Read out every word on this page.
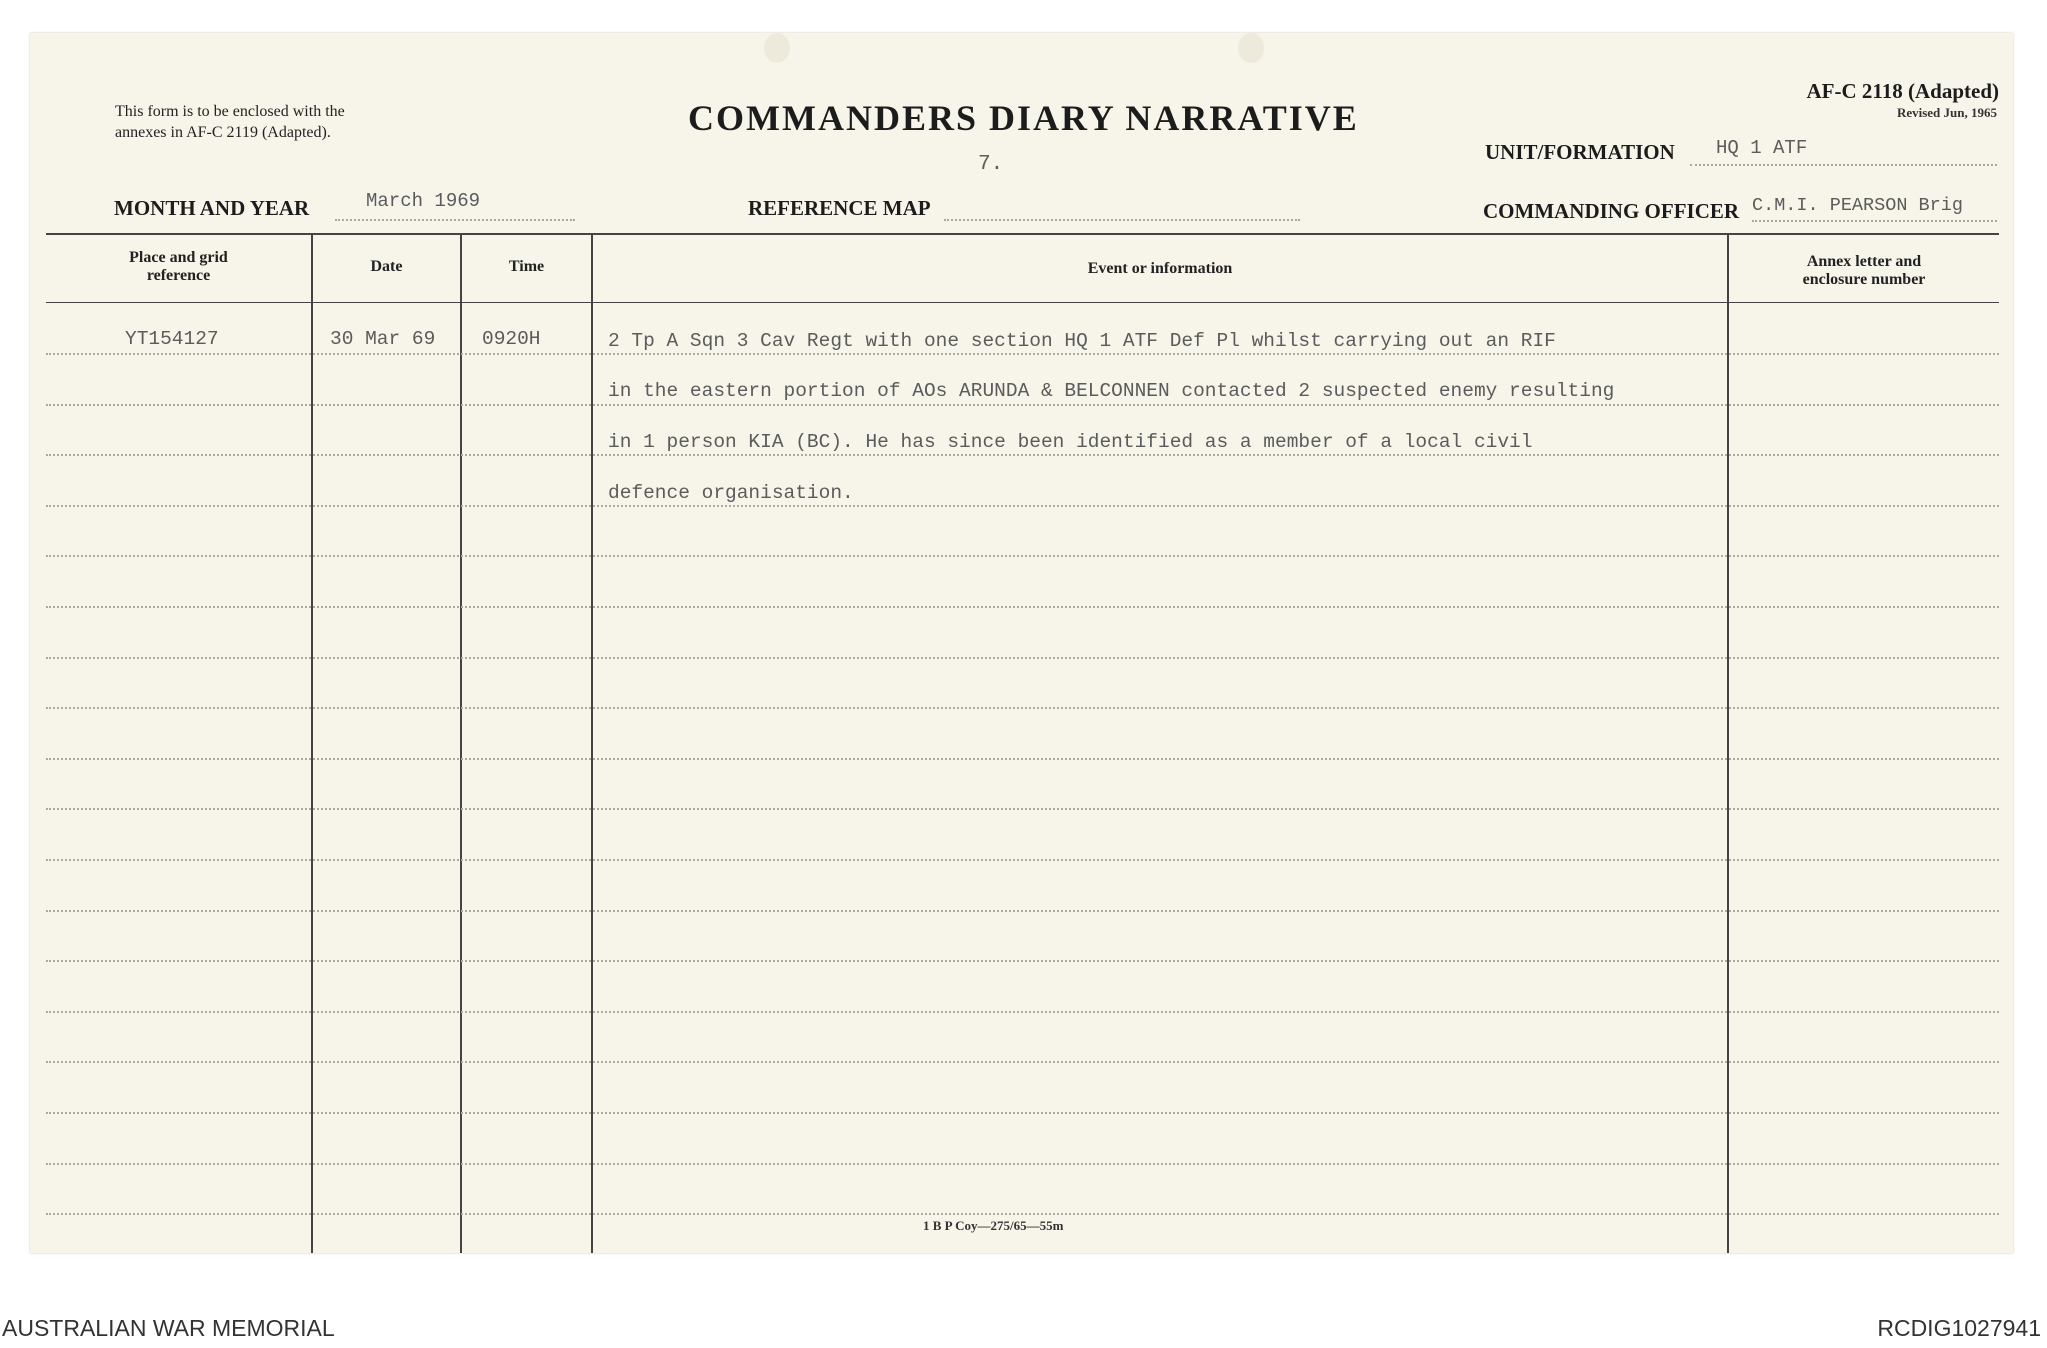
This form is to be enclosed with the
annexes in AF-C 2119 (Adapted).	COMMANDERS DIARY NARRATIVE
7.
AF-C 2118 (Adapted)
Revised Jun, 1965
UNIT/FORMATION HQ 1 ATF
MONTH AND YEAR	March 1969	REFERENCE MAP	COMMANDING OFFICER C.M.I. PEARSON Brig
Place and grid
reference
Date	Time	Event or information	Annex letter and
enclosure number
YT154127	30 Mar 69 0920H	2 Tp A Sqn 3 Cav Regt with one section HQ 1 ATF Def Pl whilst carrying out an RIF
in the eastern portion of AOs ARUNDA & BELCONNEN contacted 2 suspected enemy resulting
in 1 person KIA (BC). He has since been identified as a member of a local civil
defence organisation.
1 B P Coy—275/65—55m
AUSTRALIAN WAR MEMORIAL	RCDIG1027941
